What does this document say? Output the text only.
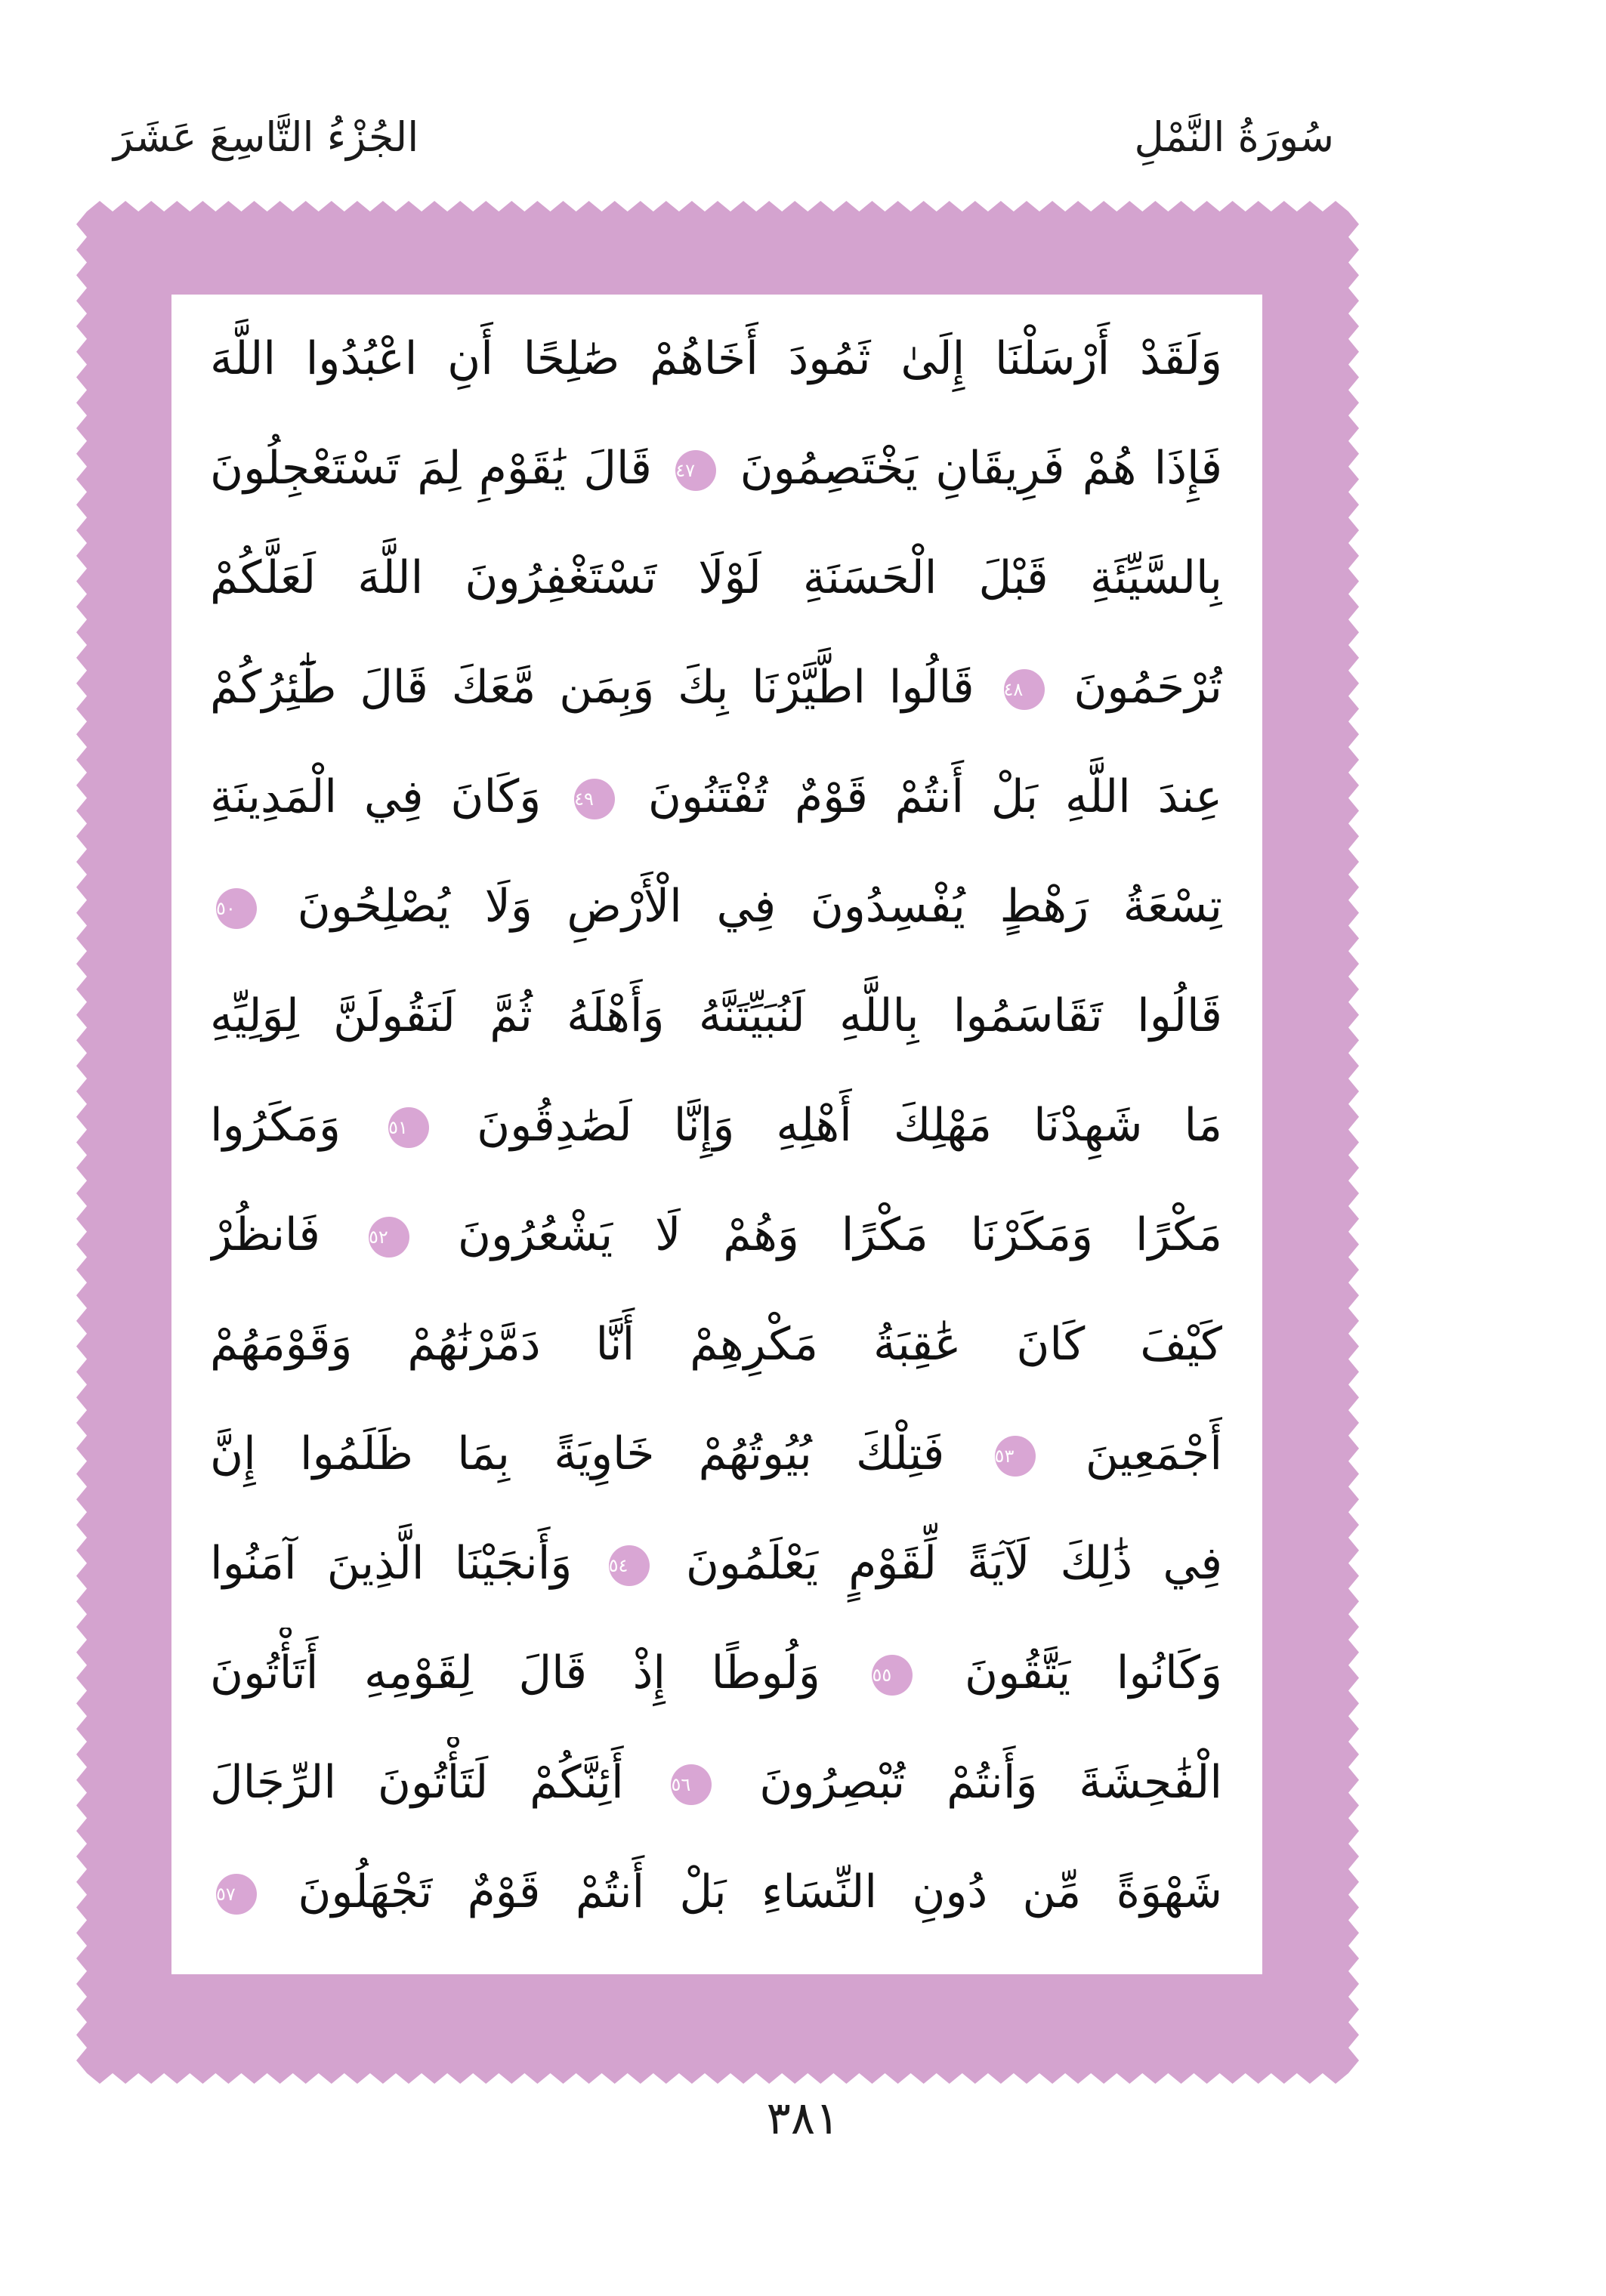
سُورَةُ النَّمْلِ
الجُزْءُ التَّاسِعَ عَشَرَ
وَلَقَدْ أَرْسَلْنَا إِلَىٰ ثَمُودَ أَخَاهُمْ صَٰلِحًا أَنِ اعْبُدُوا اللَّهَ
فَإِذَا هُمْ فَرِيقَانِ يَخْتَصِمُونَ ٤٧ قَالَ يَٰقَوْمِ لِمَ تَسْتَعْجِلُونَ
بِالسَّيِّئَةِ قَبْلَ الْحَسَنَةِ لَوْلَا تَسْتَغْفِرُونَ اللَّهَ لَعَلَّكُمْ
تُرْحَمُونَ ٤٨ قَالُوا اطَّيَّرْنَا بِكَ وَبِمَن مَّعَكَ قَالَ طَٰٓئِرُكُمْ
عِندَ اللَّهِ بَلْ أَنتُمْ قَوْمٌ تُفْتَنُونَ ٤٩ وَكَانَ فِي الْمَدِينَةِ
تِسْعَةُ رَهْطٍ يُفْسِدُونَ فِي الْأَرْضِ وَلَا يُصْلِحُونَ ٥٠
قَالُوا تَقَاسَمُوا بِاللَّهِ لَنُبَيِّتَنَّهُ وَأَهْلَهُ ثُمَّ لَنَقُولَنَّ لِوَلِيِّهِ
مَا شَهِدْنَا مَهْلِكَ أَهْلِهِ وَإِنَّا لَصَٰدِقُونَ ٥١ وَمَكَرُوا
مَكْرًا وَمَكَرْنَا مَكْرًا وَهُمْ لَا يَشْعُرُونَ ٥٢ فَانظُرْ
كَيْفَ كَانَ عَٰقِبَةُ مَكْرِهِمْ أَنَّا دَمَّرْنَٰهُمْ وَقَوْمَهُمْ
أَجْمَعِينَ ٥٣ فَتِلْكَ بُيُوتُهُمْ خَاوِيَةً بِمَا ظَلَمُوا إِنَّ
فِي ذَٰلِكَ لَآيَةً لِّقَوْمٍ يَعْلَمُونَ ٥٤ وَأَنجَيْنَا الَّذِينَ آمَنُوا
وَكَانُوا يَتَّقُونَ ٥٥ وَلُوطًا إِذْ قَالَ لِقَوْمِهِ أَتَأْتُونَ
الْفَٰحِشَةَ وَأَنتُمْ تُبْصِرُونَ ٥٦ أَئِنَّكُمْ لَتَأْتُونَ الرِّجَالَ
شَهْوَةً مِّن دُونِ النِّسَاءِ بَلْ أَنتُمْ قَوْمٌ تَجْهَلُونَ ٥٧
٣٨١
